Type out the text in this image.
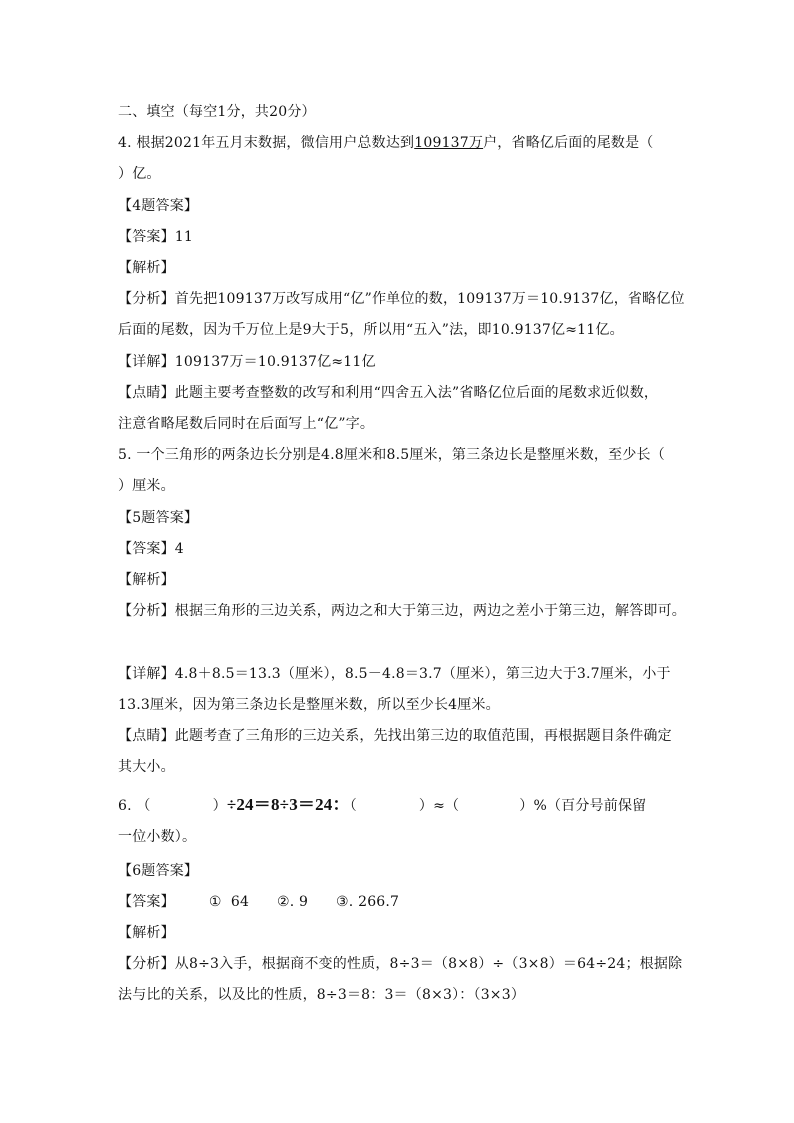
二、填空（每空1分，共20分）
4. 根据2021年五月末数据，微信用户总数达到109137万户，省略亿后面的尾数是（
）亿。
【4题答案】
【答案】11
【解析】
【分析】首先把109137万改写成用“亿”作单位的数，109137万＝10.9137亿，省略亿位
后面的尾数，因为千万位上是9大于5，所以用“五入”法，即10.9137亿≈11亿。
【详解】109137万＝10.9137亿≈11亿
【点睛】此题主要考查整数的改写和利用“四舍五入法”省略亿位后面的尾数求近似数，
注意省略尾数后同时在后面写上“亿”字。
5. 一个三角形的两条边长分别是4.8厘米和8.5厘米，第三条边长是整厘米数，至少长（
）厘米。
【5题答案】
【答案】4
【解析】
【分析】根据三角形的三边关系，两边之和大于第三边，两边之差小于第三边，解答即可。
【详解】4.8＋8.5＝13.3（厘米），8.5－4.8＝3.7（厘米），第三边大于3.7厘米，小于
13.3厘米，因为第三条边长是整厘米数，所以至少长4厘米。
【点睛】此题考查了三角形的三边关系，先找出第三边的取值范围，再根据题目条件确定
其大小。
6. （	）÷24＝8÷3＝24：（	）≈（	）%（百分号前保留
一位小数）。
【6题答案】
【答案】 ①  64      ②. 9      ③. 266.7
【解析】
【分析】从8÷3入手，根据商不变的性质，8÷3＝（8×8）÷（3×8）＝64÷24；根据除
法与比的关系，以及比的性质，8÷3＝8：3＝（8×3）：（3×3）
